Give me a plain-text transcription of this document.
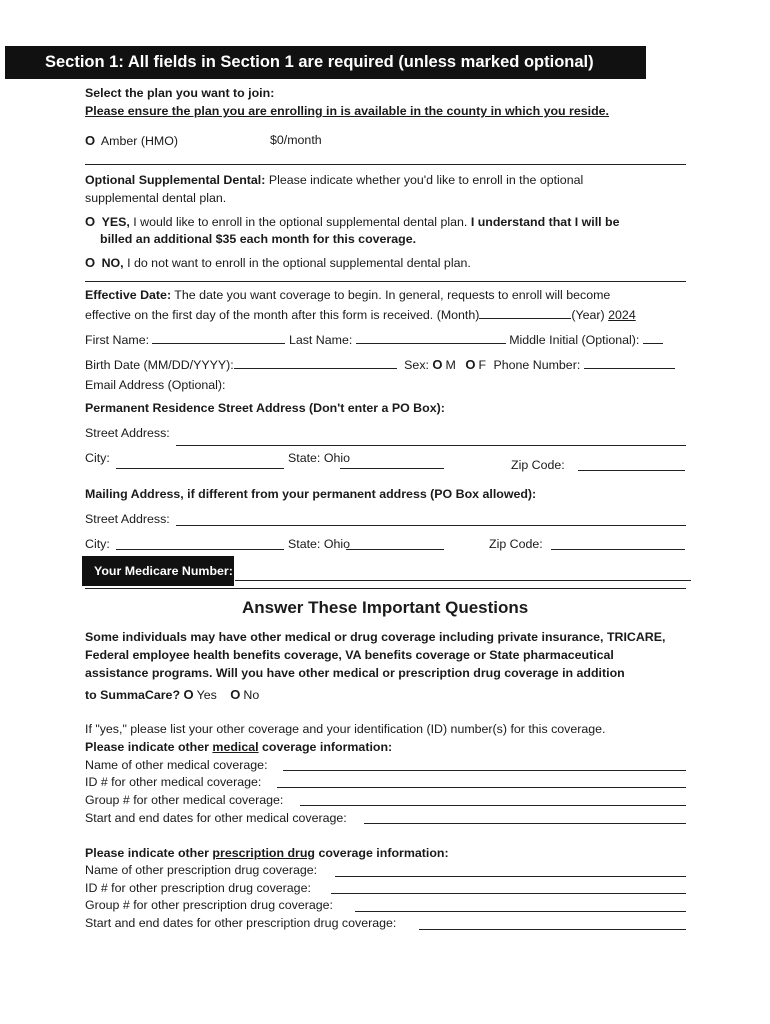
Section 1: All fields in Section 1 are required (unless marked optional)
Select the plan you want to join:
Please ensure the plan you are enrolling in is available in the county in which you reside.
O Amber (HMO)	$0/month
Optional Supplemental Dental: Please indicate whether you'd like to enroll in the optional
supplemental dental plan.
O YES, I would like to enroll in the optional supplemental dental plan. I understand that I will be
billed an additional $35 each month for this coverage.
O NO, I do not want to enroll in the optional supplemental dental plan.
Effective Date: The date you want coverage to begin. In general, requests to enroll will become
effective on the first day of the month after this form is received. (Month)	(Year) 2024
First Name:	Last Name:	Middle Initial (Optional):
Birth Date (MM/DD/YYYY):	Sex: O M O F Phone Number:
Email Address (Optional):
Permanent Residence Street Address (Don't enter a PO Box):
Street Address:
City:	State: Ohio	Zip Code:
Mailing Address, if different from your permanent address (PO Box allowed):
Street Address:
City:	State: Ohio	Zip Code:
Your Medicare Number:
Answer These Important Questions
Some individuals may have other medical or drug coverage including private insurance, TRICARE,
Federal employee health benefits coverage, VA benefits coverage or State pharmaceutical
assistance programs. Will you have other medical or prescription drug coverage in addition
to SummaCare? O Yes O No
If "yes," please list your other coverage and your identification (ID) number(s) for this coverage.
Please indicate other medical coverage information:
Name of other medical coverage:
ID # for other medical coverage:
Group # for other medical coverage:
Start and end dates for other medical coverage:
Please indicate other prescription drug coverage information:
Name of other prescription drug coverage:
ID # for other prescription drug coverage:
Group # for other prescription drug coverage:
Start and end dates for other prescription drug coverage:
